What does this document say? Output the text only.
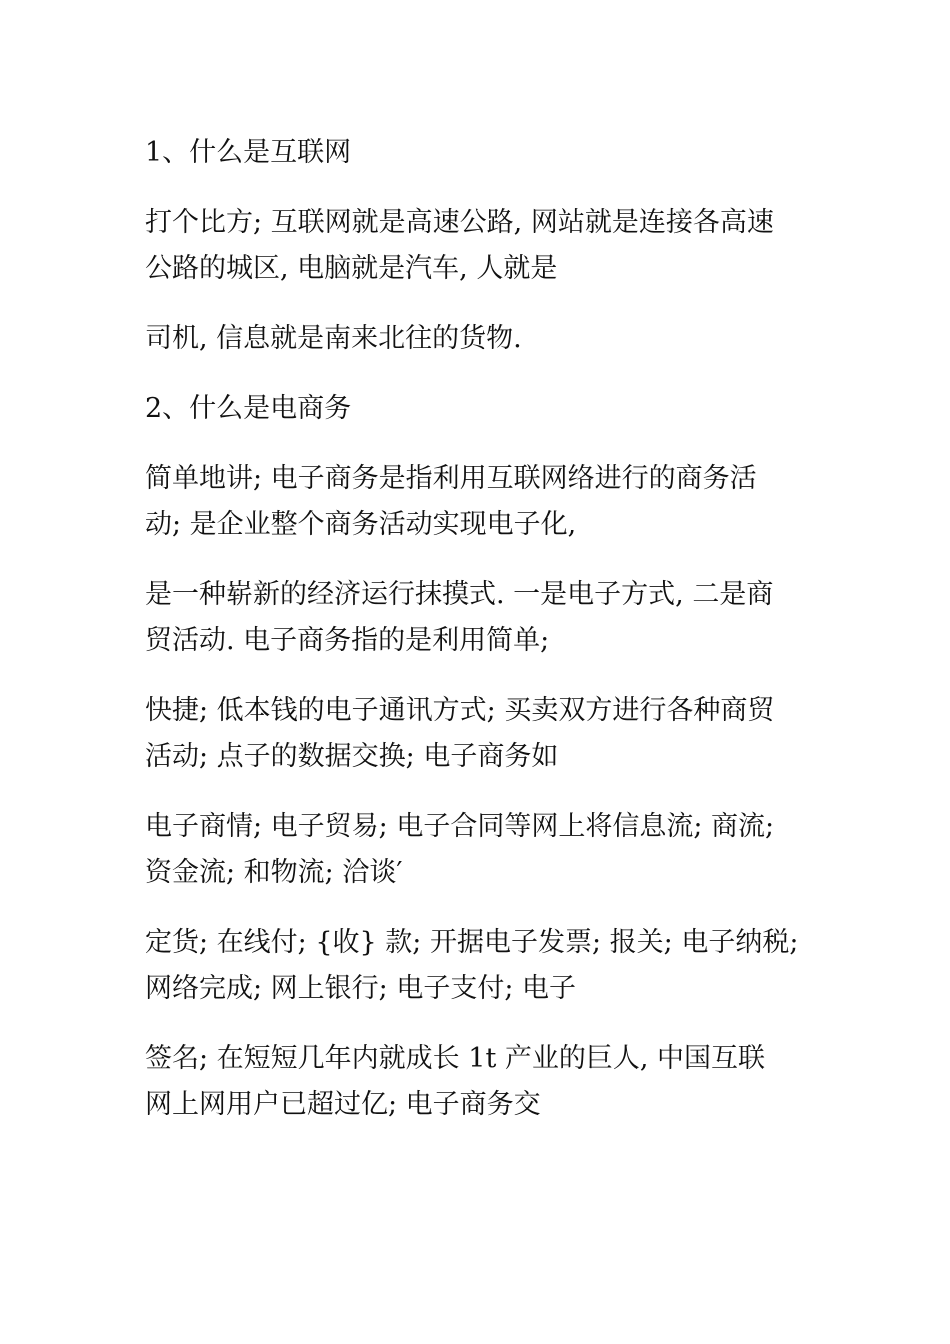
1、什么是互联网
打个比方; 互联网就是高速公路, 网站就是连接各高速
公路的城区, 电脑就是汽车, 人就是
司机, 信息就是南来北往的货物.
2、什么是电商务
简单地讲; 电子商务是指利用互联网络进行的商务活
动; 是企业整个商务活动实现电子化,
是一种崭新的经济运行抹摸式. 一是电子方式, 二是商
贸活动. 电子商务指的是利用简单;
快捷; 低本钱的电子通讯方式; 买卖双方进行各种商贸
活动; 点子的数据交换; 电子商务如
电子商情; 电子贸易; 电子合同等网上将信息流; 商流;
资金流; 和物流; 洽谈′
定货; 在线付; {收} 款; 开据电子发票; 报关; 电子纳税;
网络完成; 网上银行; 电子支付; 电子
签名; 在短短几年内就成长 1t 产业的巨人, 中国互联
网上网用户已超过亿; 电子商务交
